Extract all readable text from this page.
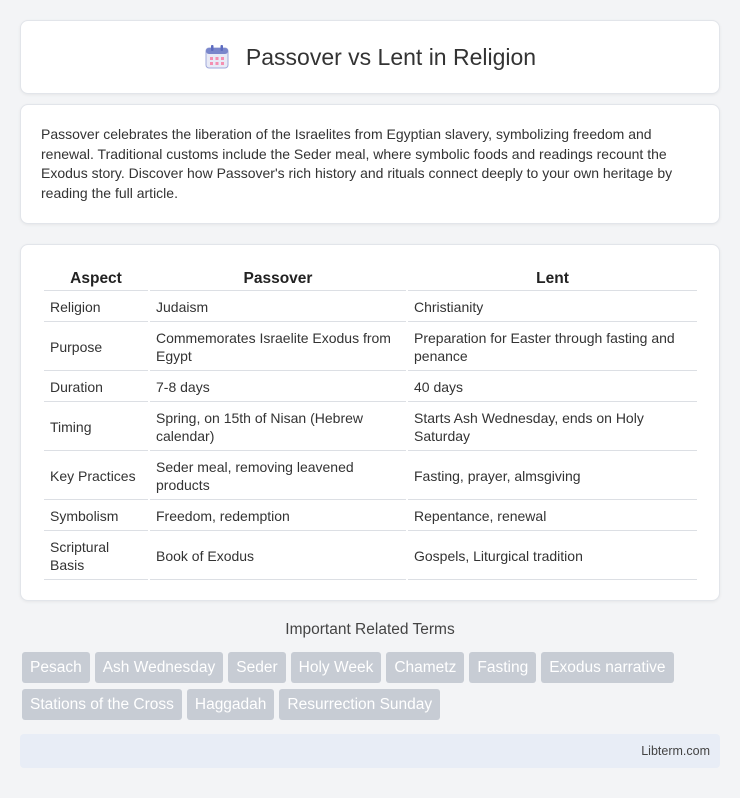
Passover vs Lent in Religion

Passover celebrates the liberation of the Israelites from Egyptian slavery, symbolizing freedom and renewal. Traditional customs include the Seder meal, where symbolic foods and readings recount the Exodus story. Discover how Passover's rich history and rituals connect deeply to your own heritage by reading the full article.

Aspect	Passover	Lent
Religion	Judaism	Christianity
Purpose	Commemorates Israelite Exodus from Egypt	Preparation for Easter through fasting and penance
Duration	7-8 days	40 days
Timing	Spring, on 15th of Nisan (Hebrew calendar)	Starts Ash Wednesday, ends on Holy Saturday
Key Practices	Seder meal, removing leavened products	Fasting, prayer, almsgiving
Symbolism	Freedom, redemption	Repentance, renewal
Scriptural Basis	Book of Exodus	Gospels, Liturgical tradition
Important Related Terms
Pesach	Ash Wednesday	Seder	Holy Week	Chametz	Fasting	Exodus narrative
Stations of the Cross	Haggadah	Resurrection Sunday
Libterm.com
